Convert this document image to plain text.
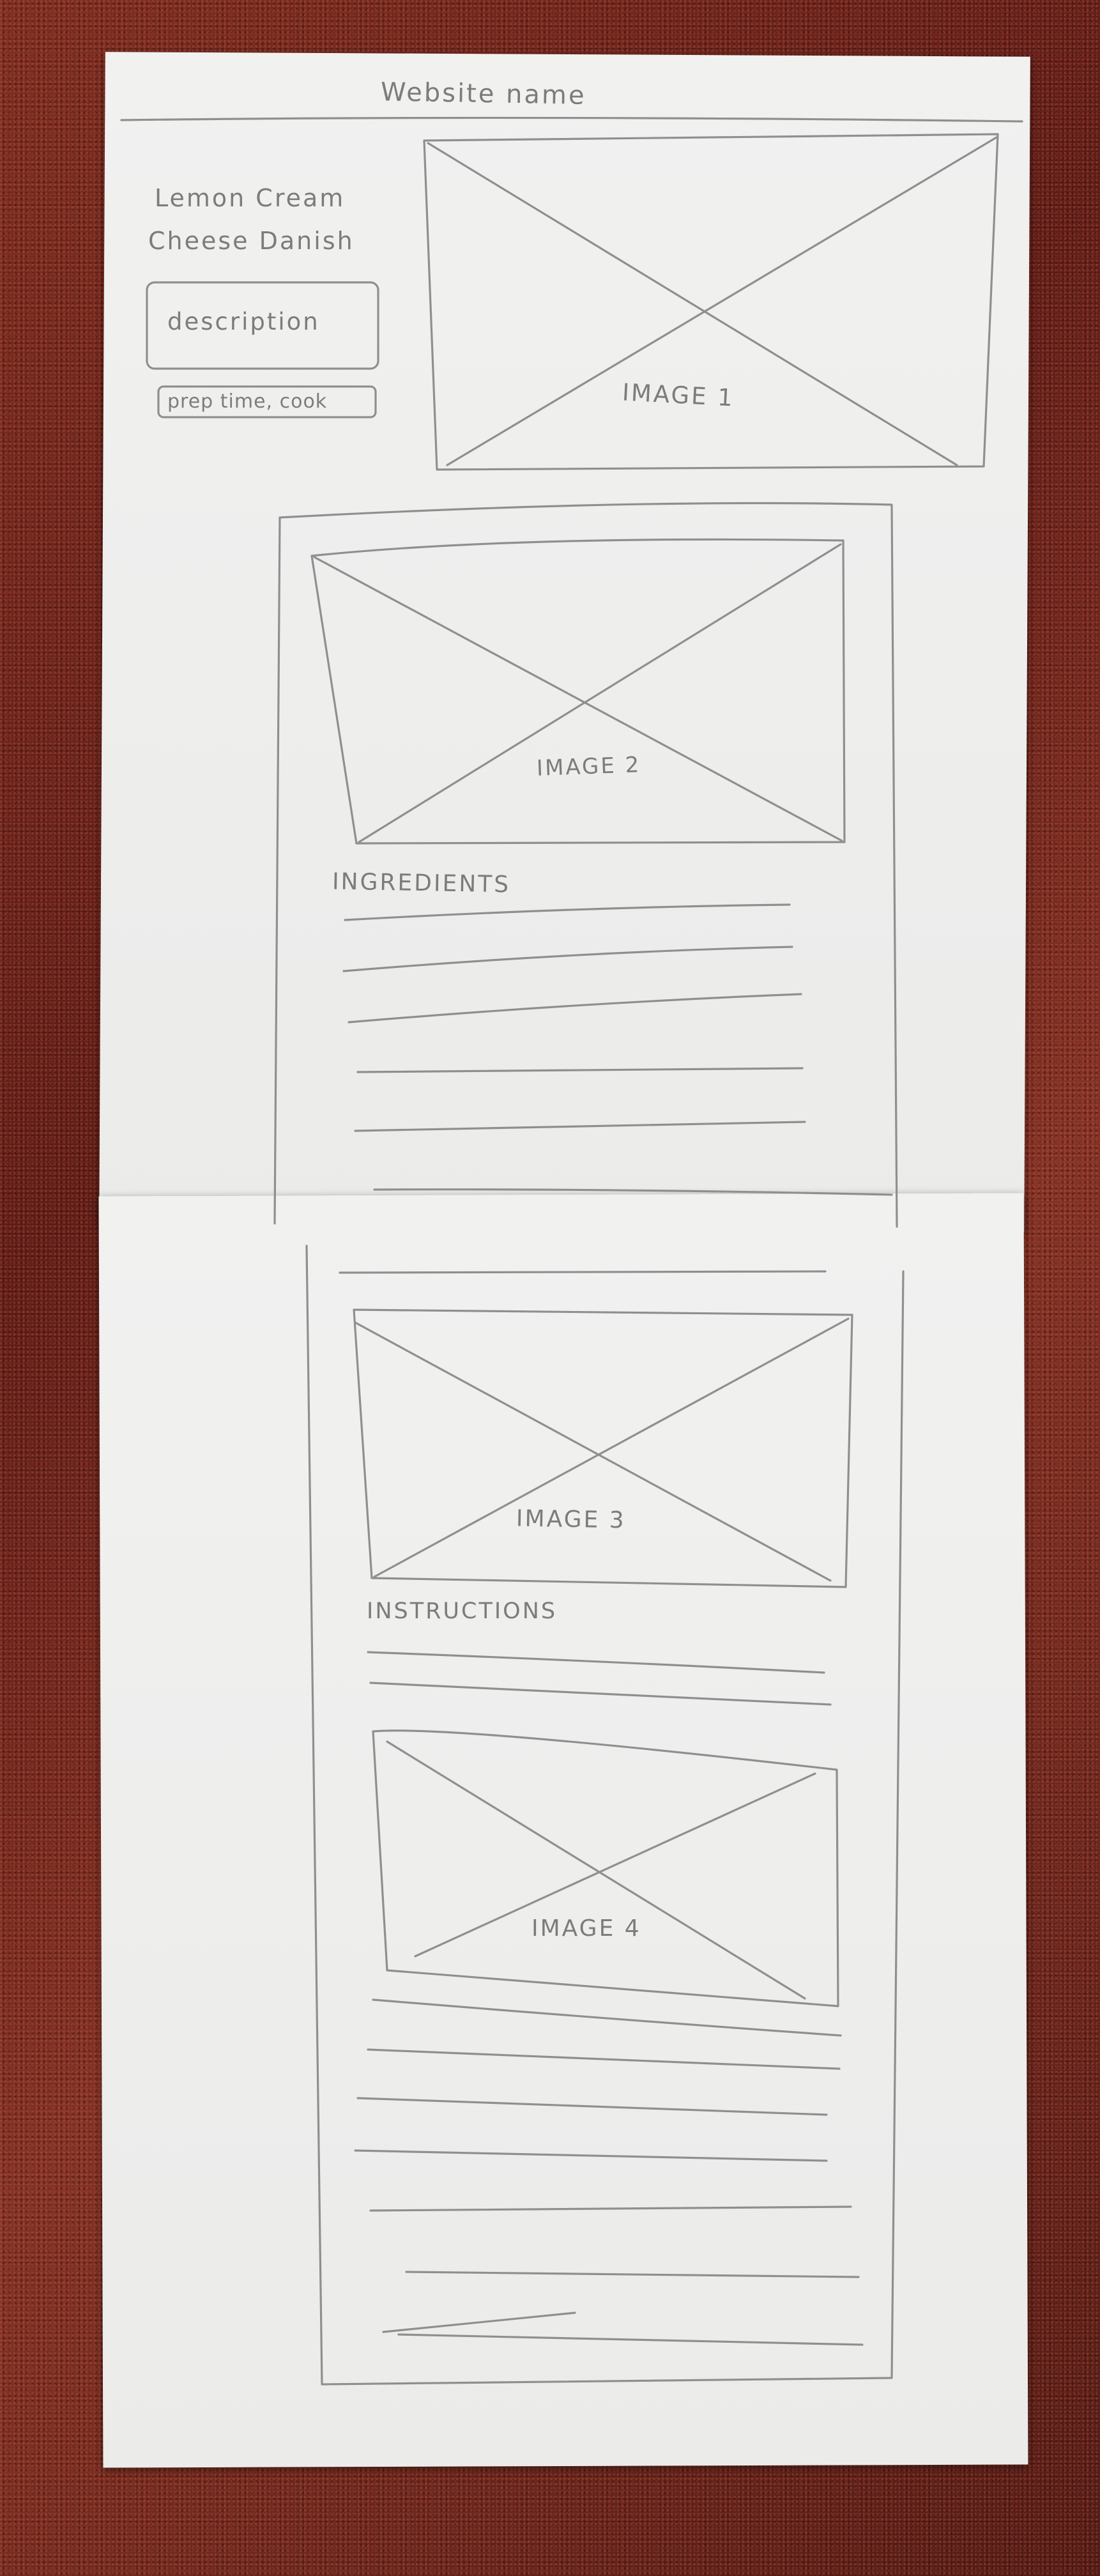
Website name
Lemon Cream
Cheese Danish
description
prep time, cook	IMAGE 1
IMAGE 2
INGREDIENTS
IMAGE 3
INSTRUCTIONS
IMAGE 4
